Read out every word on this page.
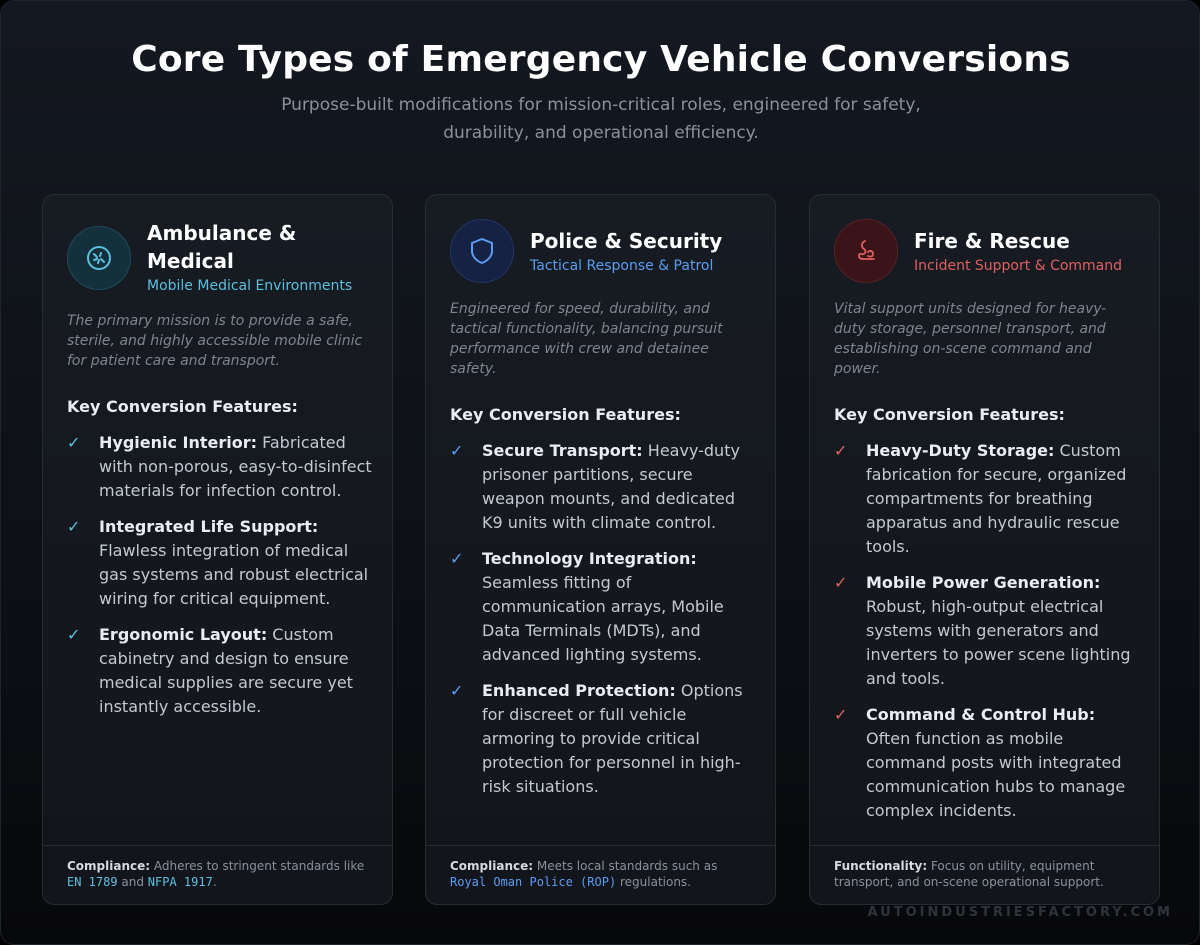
Core Types of Emergency Vehicle Conversions
Purpose-built modifications for mission-critical roles, engineered for safety,
durability, and operational efficiency.
Ambulance & Medical
Mobile Medical Environments
The primary mission is to provide a safe, sterile, and highly accessible mobile clinic for patient care and transport.
Key Conversion Features:
✓	Hygienic Interior: Fabricated with non-porous, easy-to-disinfect materials for infection control.
✓	Integrated Life Support: Flawless integration of medical gas systems and robust electrical wiring for critical equipment.
✓	Ergonomic Layout: Custom cabinetry and design to ensure medical supplies are secure yet instantly accessible.
Compliance: Adheres to stringent standards like
EN 1789 and NFPA 1917.
Police & Security
Tactical Response & Patrol
Engineered for speed, durability, and tactical functionality, balancing pursuit performance with crew and detainee safety.
Key Conversion Features:
✓	Secure Transport: Heavy-duty prisoner partitions, secure weapon mounts, and dedicated K9 units with climate control.
✓	Technology Integration: Seamless fitting of communication arrays, Mobile Data Terminals (MDTs), and advanced lighting systems.
✓	Enhanced Protection: Options for discreet or full vehicle armoring to provide critical protection for personnel in high-risk situations.
Compliance: Meets local standards such as
Royal Oman Police (ROP) regulations.
Fire & Rescue
Incident Support & Command
Vital support units designed for heavy-duty storage, personnel transport, and establishing on-scene command and power.
Key Conversion Features:
✓	Heavy-Duty Storage: Custom fabrication for secure, organized compartments for breathing apparatus and hydraulic rescue tools.
✓	Mobile Power Generation: Robust, high-output electrical systems with generators and inverters to power scene lighting and tools.
✓	Command & Control Hub: Often function as mobile command posts with integrated communication hubs to manage complex incidents.
Functionality: Focus on utility, equipment transport, and on-scene operational support.
AUTOINDUSTRIESFACTORY.COM
